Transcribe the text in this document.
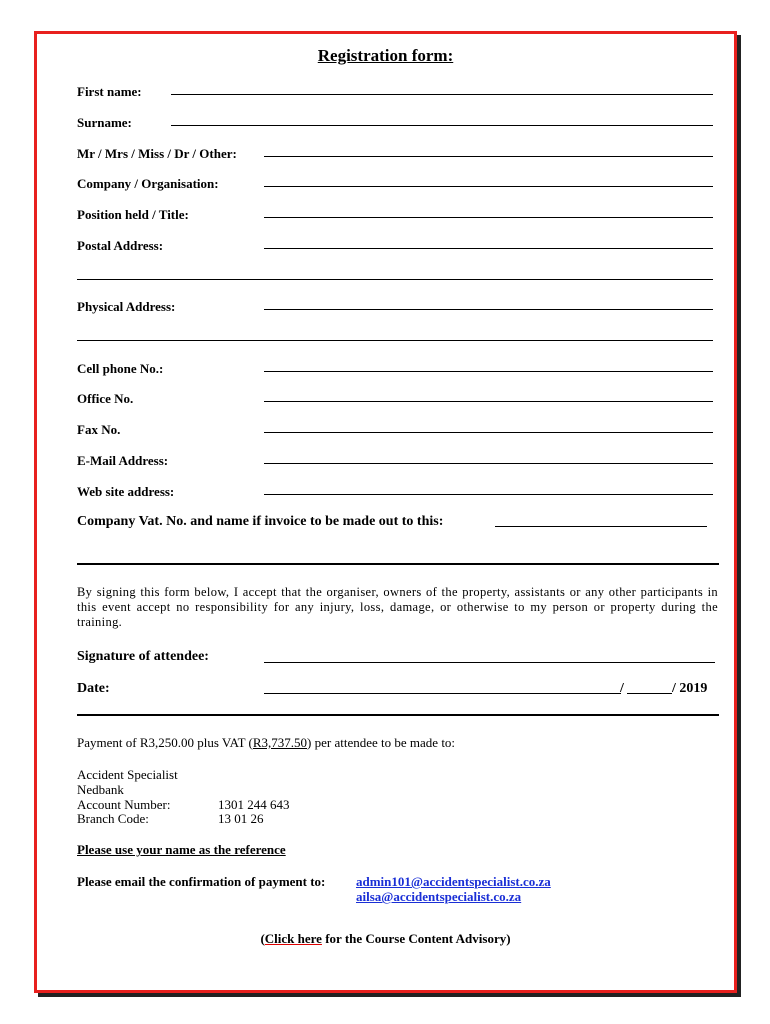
Registration form:
First name:
Surname:
Mr / Mrs / Miss / Dr / Other:
Company / Organisation:
Position held / Title:
Postal Address:
Physical Address:
Cell phone No.:
Office No.
Fax No.
E-Mail Address:
Web site address:
Company Vat. No. and name if invoice to be made out to this:
By signing this form below, I accept that the organiser, owners of the property, assistants or any other participants in this event accept no responsibility for any injury, loss, damage, or otherwise to my person or property during the training.
Signature of attendee:
Date:	/	/ 2019
Payment of R3,250.00 plus VAT (R3,737.50) per attendee to be made to:
Accident Specialist
Nedbank
Account Number:	1301 244 643
Branch Code:	13 01 26
Please use your name as the reference
Please email the confirmation of payment to: admin101@accidentspecialist.co.za
ailsa@accidentspecialist.co.za
(Click here for the Course Content Advisory)
